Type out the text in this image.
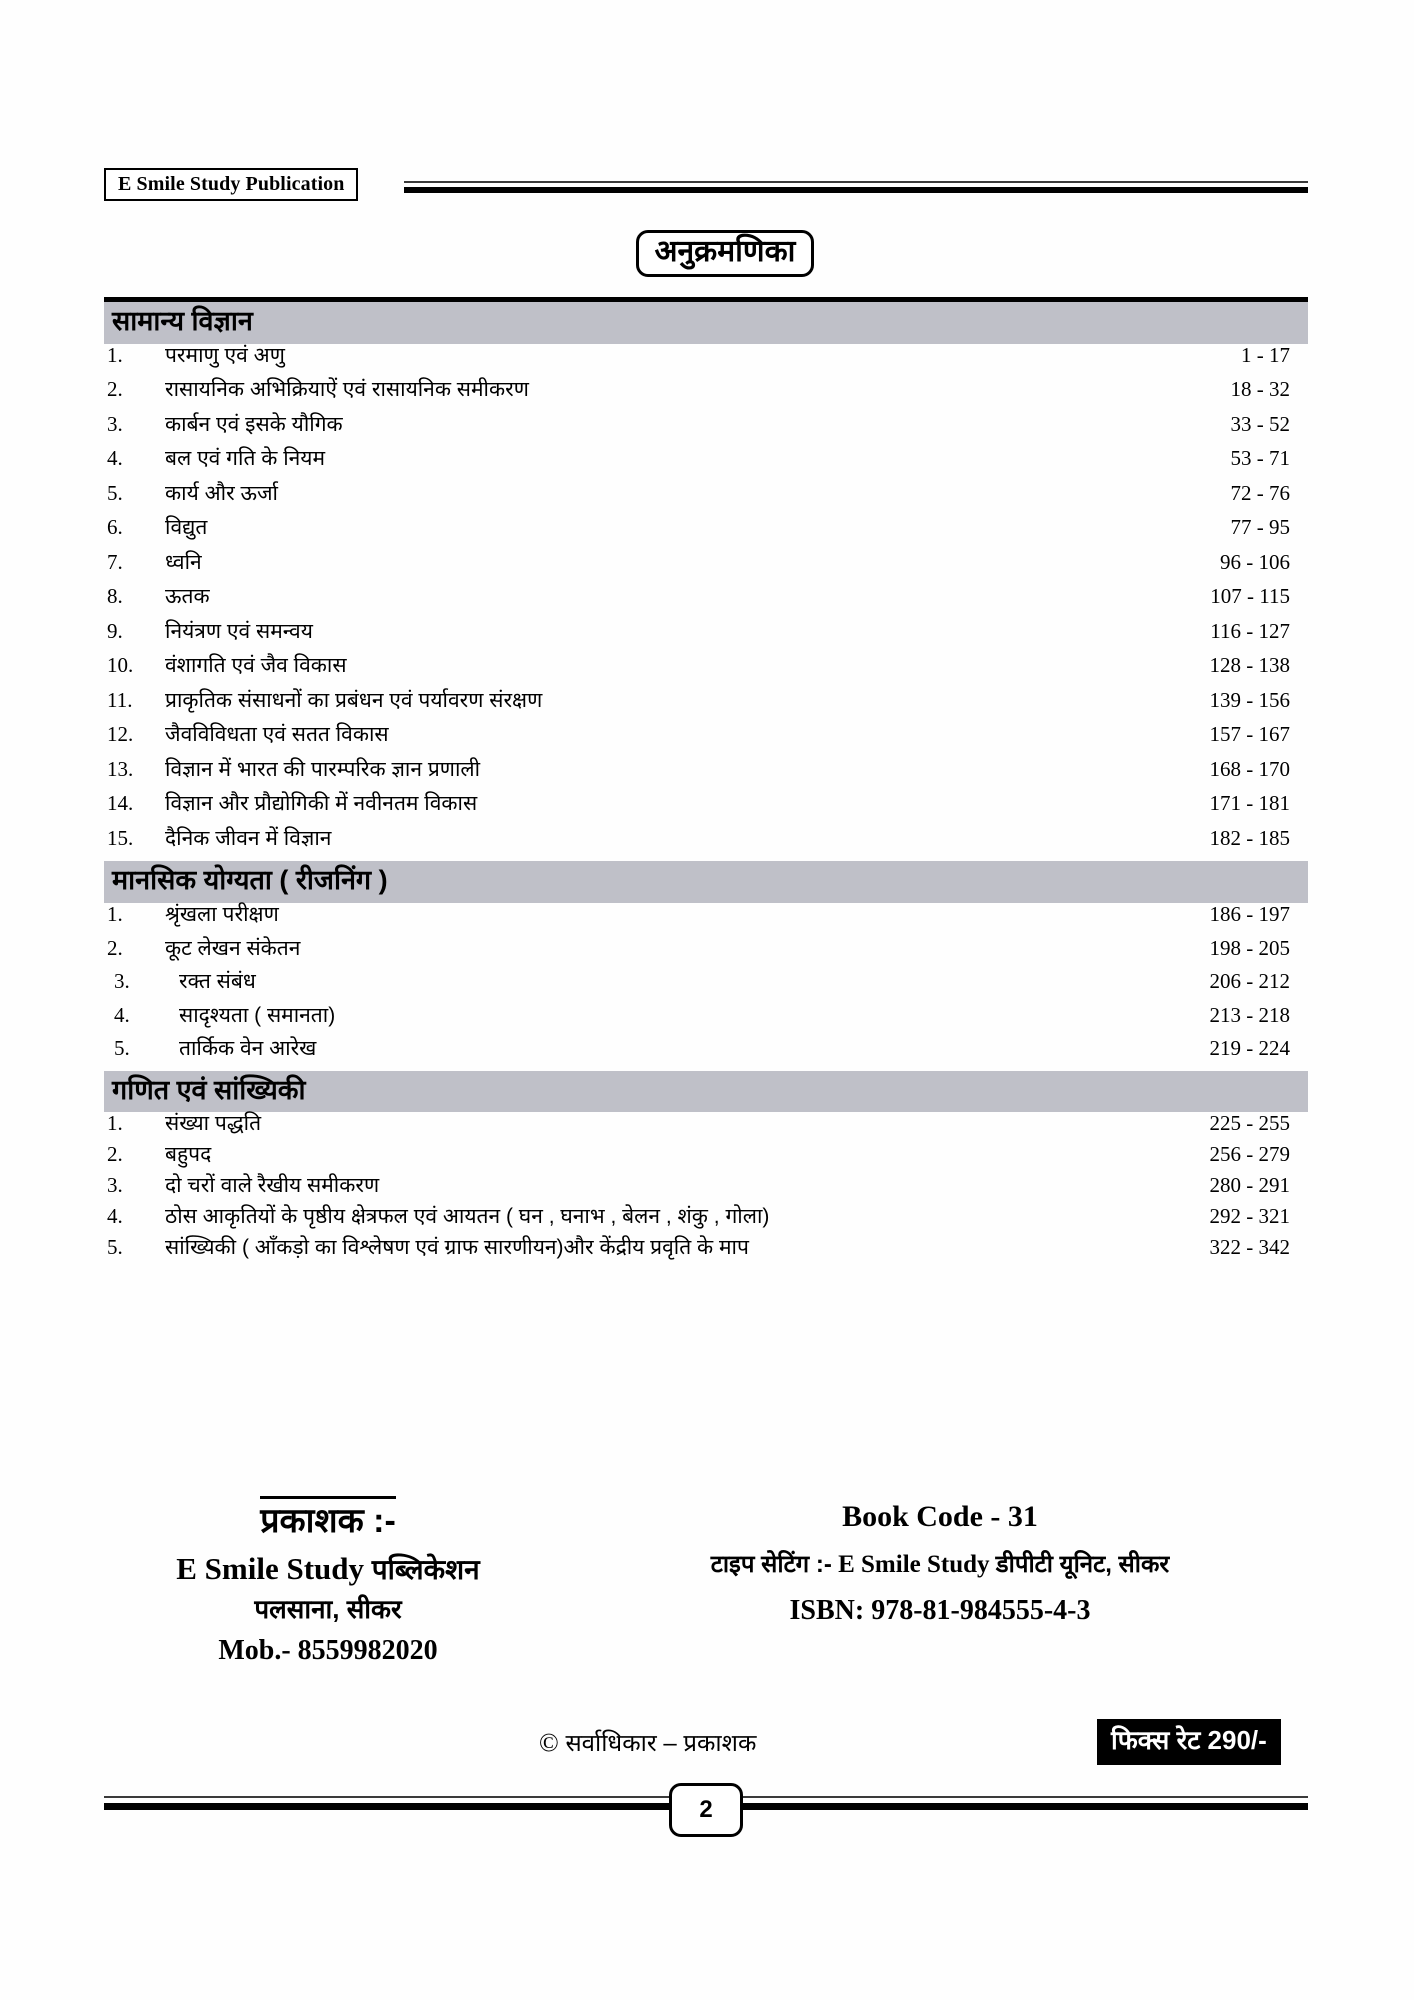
E Smile Study Publication
अनुक्रमणिका
सामान्य विज्ञान
1.	परमाणु एवं अणु	1 - 17
2.	रासायनिक अभिक्रियाऐं एवं रासायनिक समीकरण	18 - 32
3.	कार्बन एवं इसके यौगिक	33 - 52
4.	बल एवं गति के नियम	53 - 71
5.	कार्य और ऊर्जा	72 - 76
6.	विद्युत	77 - 95
7.	ध्वनि	96 - 106
8.	ऊतक	107 - 115
9.	नियंत्रण एवं समन्वय	116 - 127
10.	वंशागति एवं जैव विकास	128 - 138
11.	प्राकृतिक संसाधनों का प्रबंधन एवं पर्यावरण संरक्षण	139 - 156
12.	जैवविविधता एवं सतत विकास	157 - 167
13.	विज्ञान में भारत की पारम्परिक ज्ञान प्रणाली	168 - 170
14.	विज्ञान और प्रौद्योगिकी में नवीनतम विकास	171 - 181
15.	दैनिक जीवन में विज्ञान	182 - 185
मानसिक योग्यता ( रीजनिंग )
1.	श्रृंखला परीक्षण	186 - 197
2.	कूट लेखन संकेतन	198 - 205
3.	रक्त संबंध	206 - 212
4.	सादृश्यता ( समानता)	213 - 218
5.	तार्किक वेन आरेख	219 - 224
गणित एवं सांख्यिकी
1.	संख्या पद्धति	225 - 255
2.	बहुपद	256 - 279
3.	दो चरों वाले रैखीय समीकरण	280 - 291
4.	ठोस आकृतियों के पृष्ठीय क्षेत्रफल एवं आयतन ( घन , घनाभ , बेलन , शंकु , गोला)	292 - 321
5.	सांख्यिकी ( आँकड़ो का विश्लेषण एवं ग्राफ सारणीयन)और केंद्रीय प्रवृति के माप	322 - 342
प्रकाशक :-
E Smile Study पब्लिकेशन
पलसाना, सीकर
Mob.- 8559982020
Book Code - 31
टाइप सेटिंग :- E Smile Study डीपीटी यूनिट, सीकर
ISBN: 978-81-984555-4-3
© सर्वाधिकार – प्रकाशक	फिक्स रेट 290/-
2
